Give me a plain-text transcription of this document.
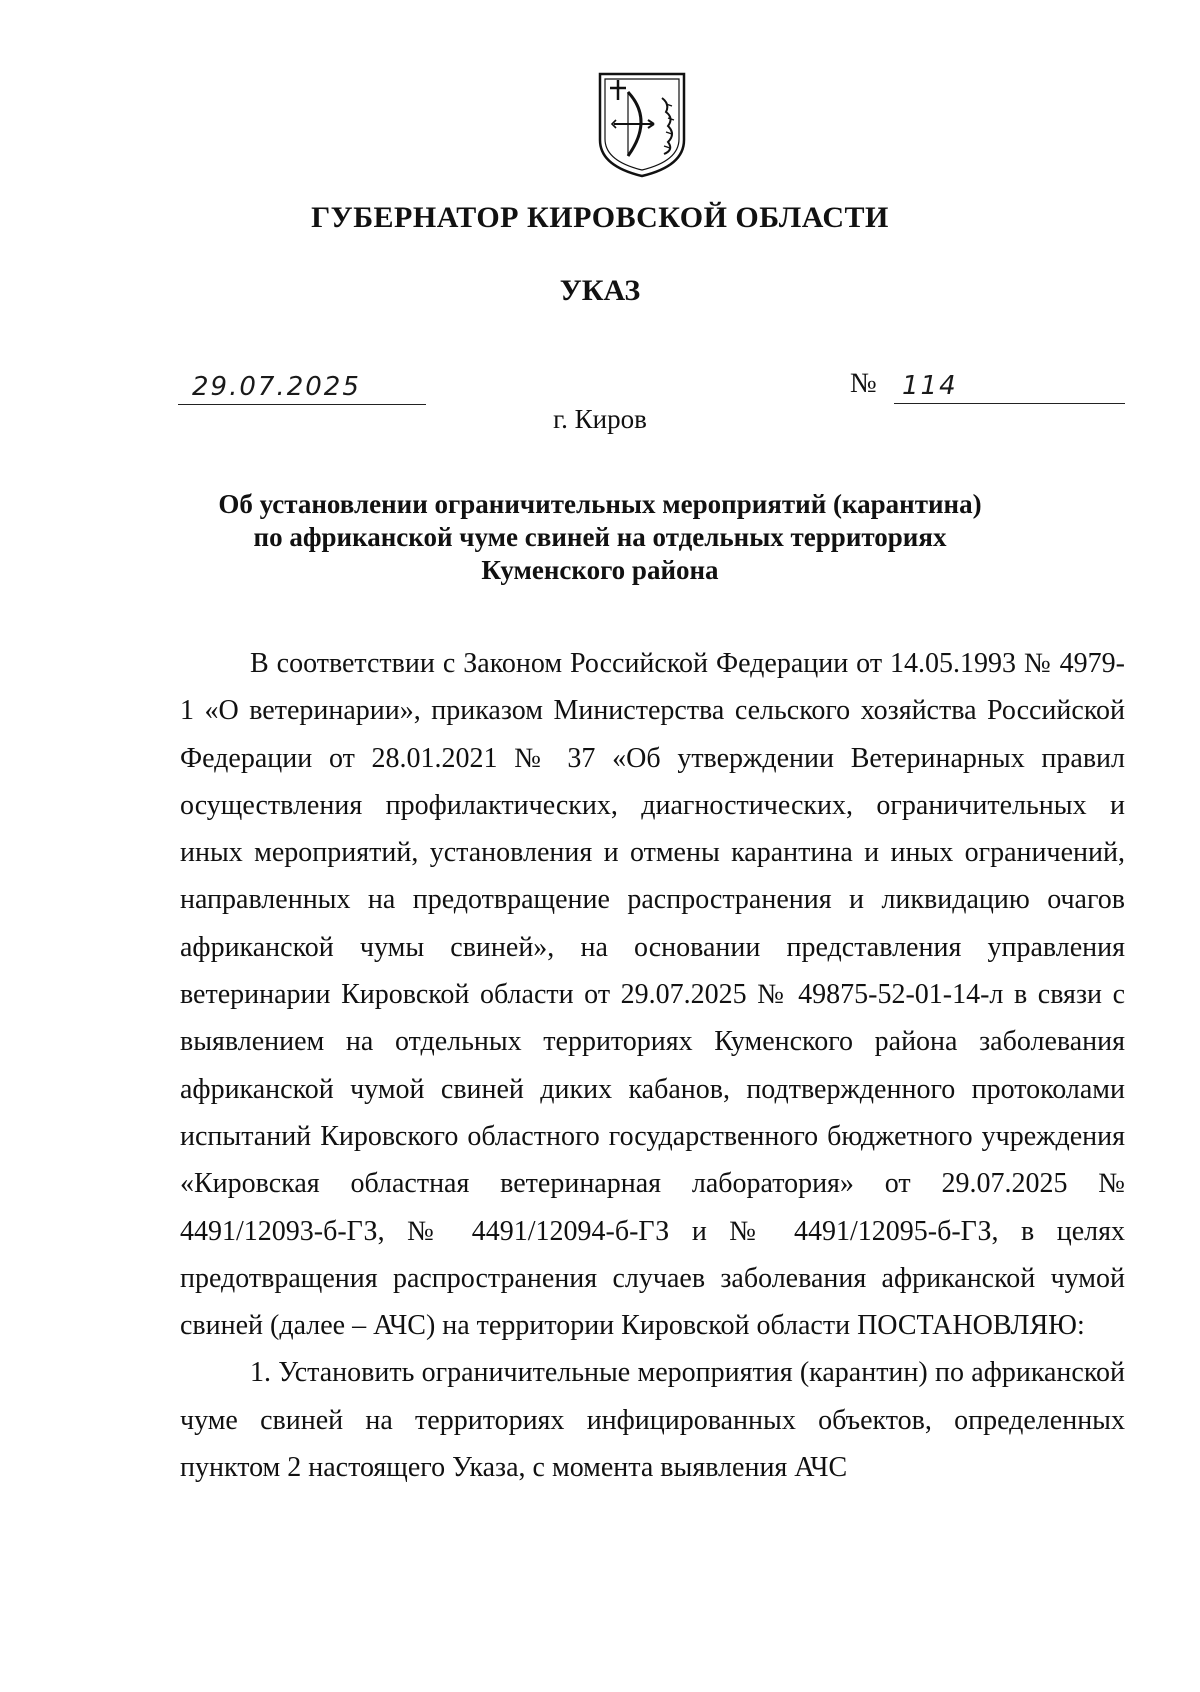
ГУБЕРНАТОР КИРОВСКОЙ ОБЛАСТИ
УКАЗ
29.07.2025	№ 114
г. Киров
Об установлении ограничительных мероприятий (карантина)
по африканской чуме свиней на отдельных территориях
Куменского района

В соответствии с Законом Российской Федерации от 14.05.1993 № 4979-1 «О ветеринарии», приказом Министерства сельского хозяйства Российской Федерации от 28.01.2021 № 37 «Об утверждении Ветеринарных правил осуществления профилактических, диагностических, ограничительных и иных мероприятий, установления и отмены карантина и иных ограничений, направленных на предотвращение распространения и ликвидацию очагов африканской чумы свиней», на основании представления управления ветеринарии Кировской области от 29.07.2025 № 49875-52-01-14-л в связи с выявлением на отдельных территориях Куменского района заболевания африканской чумой свиней диких кабанов, подтвержденного протоколами испытаний Кировского областного государственного бюджетного учреждения «Кировская областная ветеринарная лаборатория» от 29.07.2025 № 4491/12093-б-ГЗ, № 4491/12094-б-ГЗ и № 4491/12095-б-ГЗ, в целях предотвращения распространения случаев заболевания африканской чумой свиней (далее – АЧС) на территории Кировской области ПОСТАНОВЛЯЮ:

1. Установить ограничительные мероприятия (карантин) по африканской чуме свиней на территориях инфицированных объектов, определенных пунктом 2 настоящего Указа, с момента выявления АЧС
